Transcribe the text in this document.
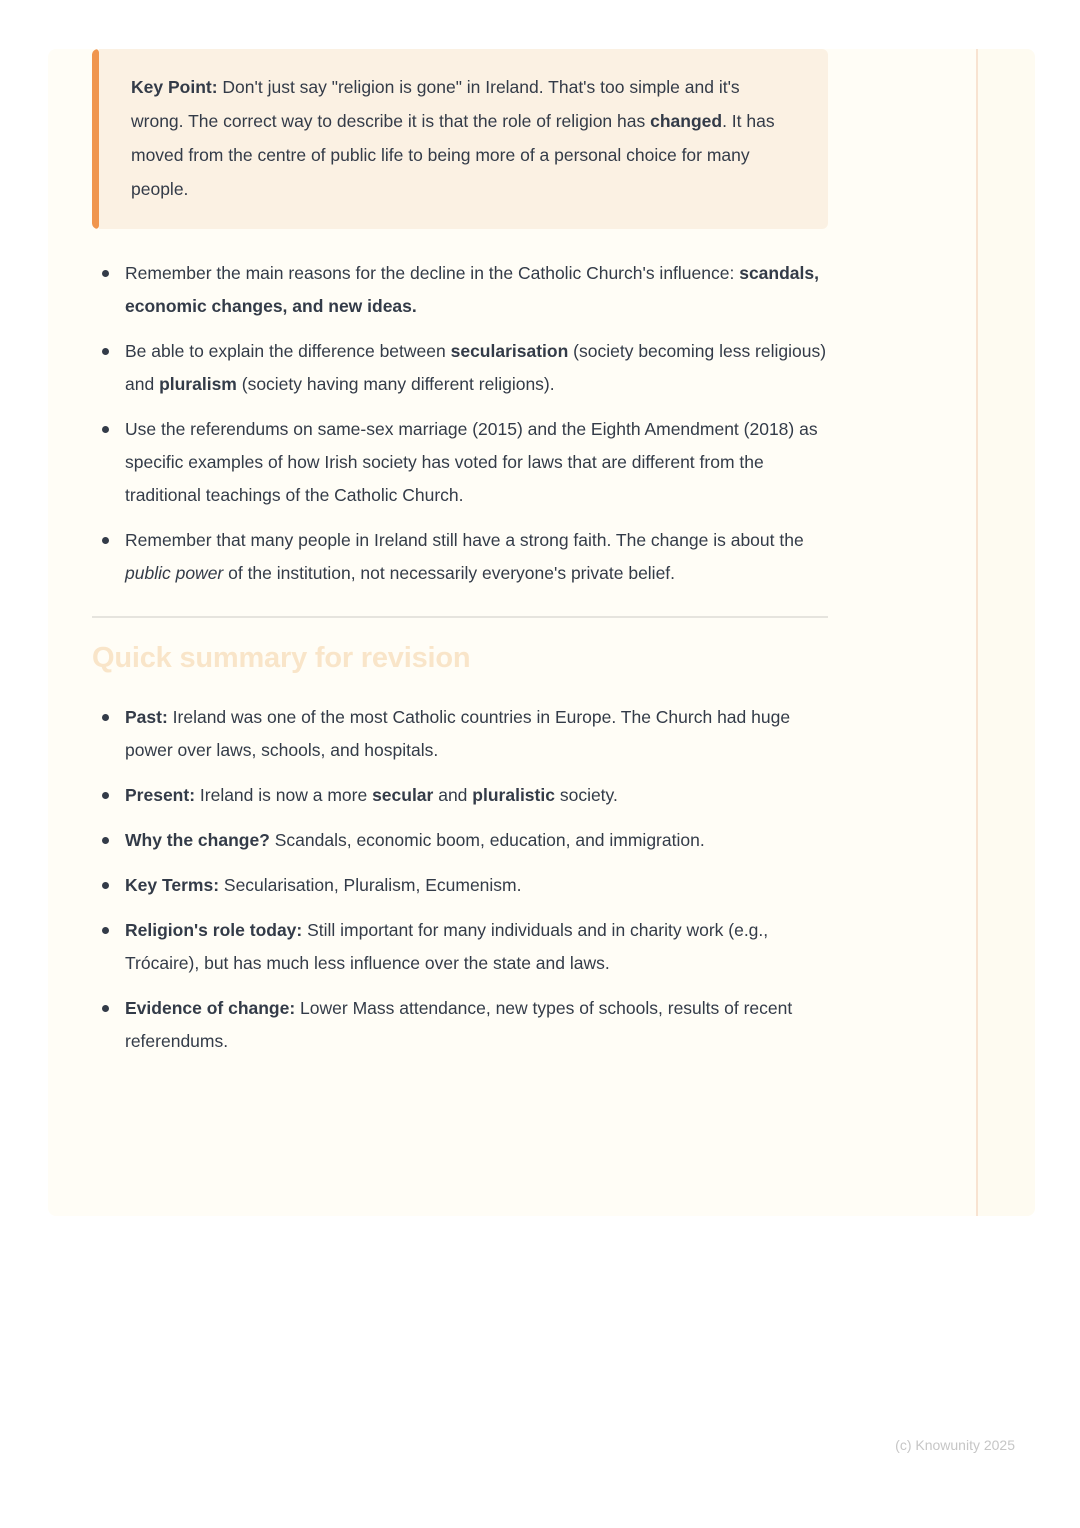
Key Point: Don't just say "religion is gone" in Ireland. That's too simple and it's wrong. The correct way to describe it is that the role of religion has changed. It has moved from the centre of public life to being more of a personal choice for many people.
Remember the main reasons for the decline in the Catholic Church's influence: scandals, economic changes, and new ideas.
Be able to explain the difference between secularisation (society becoming less religious) and pluralism (society having many different religions).
Use the referendums on same-sex marriage (2015) and the Eighth Amendment (2018) as specific examples of how Irish society has voted for laws that are different from the traditional teachings of the Catholic Church.
Remember that many people in Ireland still have a strong faith. The change is about the public power of the institution, not necessarily everyone's private belief.
Quick summary for revision
Past: Ireland was one of the most Catholic countries in Europe. The Church had huge power over laws, schools, and hospitals.
Present: Ireland is now a more secular and pluralistic society.
Why the change? Scandals, economic boom, education, and immigration.
Key Terms: Secularisation, Pluralism, Ecumenism.
Religion's role today: Still important for many individuals and in charity work (e.g., Trócaire), but has much less influence over the state and laws.
Evidence of change: Lower Mass attendance, new types of schools, results of recent referendums.
(c) Knowunity 2025
